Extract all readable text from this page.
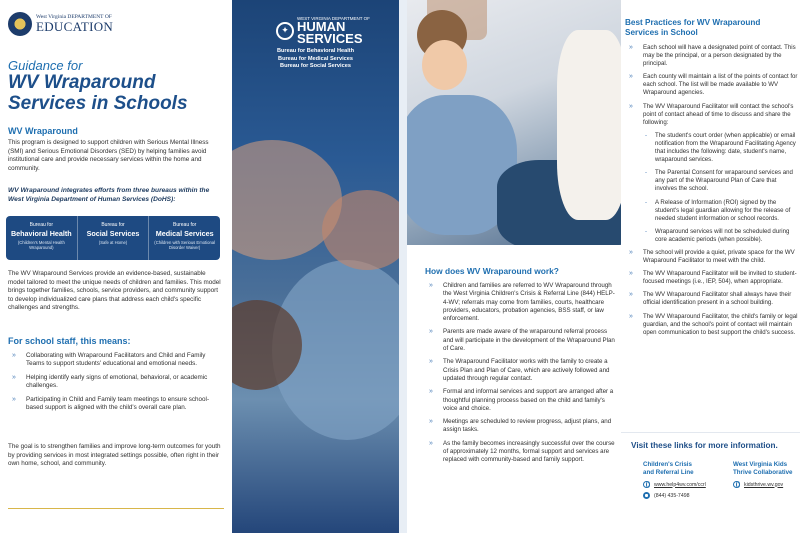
West Virginia DEPARTMENT OF
EDUCATION
Guidance for
WV Wraparound
Services in Schools
WV Wraparound
This program is designed to support children with Serious Mental Illness (SMI) and Serious Emotional Disorders (SED) by helping families avoid institutional care and provide necessary services within the home and community.
WV Wraparound integrates efforts from three bureaus within the West Virginia Department of Human Services (DoHS):
Bureau for
Behavioral Health
(Children's Mental Health Wraparound)
Bureau for
Social Services
(Safe at Home)
Bureau for
Medical Services
(Children with Serious Emotional Disorder Waiver)
The WV Wraparound Services provide an evidence-based, sustainable model tailored to meet the unique needs of children and families. This model brings together families, schools, service providers, and community support to develop individualized care plans that address each child's specific challenges and strengths.
For school staff, this means:
» Collaborating with Wraparound Facilitators and Child and Family Teams to support students' educational and emotional needs.
» Helping identify early signs of emotional, behavioral, or academic challenges.
» Participating in Child and Family team meetings to ensure school-based support is aligned with the child's overall care plan.
The goal is to strengthen families and improve long-term outcomes for youth by providing services in most integrated settings possible, often right in their own home, school, and community.
✦
WEST VIRGINIA DEPARTMENT OF
HUMAN
SERVICES
Bureau for Behavioral Health
Bureau for Medical Services
Bureau for Social Services
How does WV Wraparound work?
» Children and families are referred to WV Wraparound through the West Virginia Children's Crisis & Referral Line (844) HELP-4-WV; referrals may come from families, courts, healthcare providers, educators, probation agencies, BSS staff, or law enforcement.
» Parents are made aware of the wraparound referral process and will participate in the development of the Wraparound Plan of Care.
» The Wraparound Facilitator works with the family to create a Crisis Plan and Plan of Care, which are actively followed and updated through regular contact.
» Formal and informal services and support are arranged after a thoughtful planning process based on the child and family's voice and choice.
» Meetings are scheduled to review progress, adjust plans, and assign tasks.
» As the family becomes increasingly successful over the course of approximately 12 months, formal support and services are replaced with community-based and family support.
Best Practices for WV Wraparound Services in School
» Each school will have a designated point of contact. This may be the principal, or a person designated by the principal.
» Each county will maintain a list of the points of contact for each school. The list will be made available to WV Wraparound agencies.
» The WV Wraparound Facilitator will contact the school's point of contact ahead of time to discuss and share the following:
- The student's court order (when applicable) or email notification from the Wraparound Facilitating Agency that includes the following: date, student's name, wraparound services.
- The Parental Consent for wraparound services and any part of the Wraparound Plan of Care that involves the school.
- A Release of Information (ROI) signed by the student's legal guardian allowing for the release of needed student information or school records.
- Wraparound services will not be scheduled during core academic periods (when possible).
» The school will provide a quiet, private space for the WV Wraparound Facilitator to meet with the child.
» The WV Wraparound Facilitator will be invited to student-focused meetings (i.e., IEP, 504), when appropriate.
» The WV Wraparound Facilitator shall always have their official identification present in a school building.
» The WV Wraparound Facilitator, the child's family or legal guardian, and the school's point of contact will maintain open communication to best support the child's success.
Visit these links for more information.
Children's Crisis
and Referral Line
www.help4wv.com/ccrl
(844) 435-7498
West Virginia Kids
Thrive Collaborative
kidsthrive.wv.gov
